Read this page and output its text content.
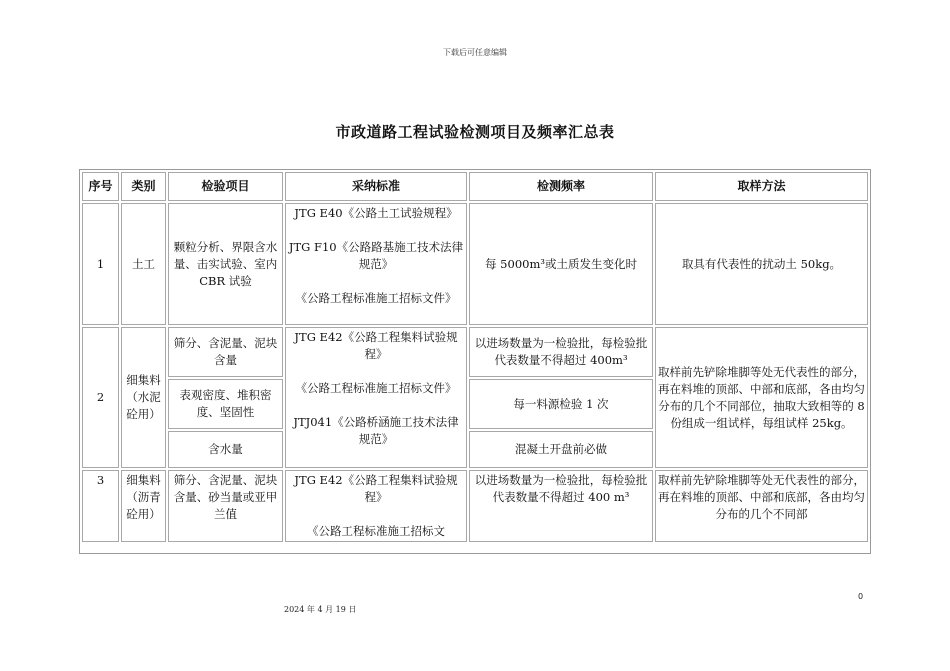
下载后可任意编辑
市政道路工程试验检测项目及频率汇总表
序号	类别	检验项目	采纳标准	检测频率	取样方法
1	土工	颗粒分析、界限含水量、击实试验、室内 CBR 试验	JTG E40《公路土工试验规程》

JTG F10《公路路基施工技术法律规范》

《公路工程标准施工招标文件》	每 5000m³或土质发生变化时	取具有代表性的扰动土 50kg。
2	细集料（水泥砼用）	筛分、含泥量、泥块含量	JTG E42《公路工程集料试验规程》

《公路工程标准施工招标文件》

JTJ041《公路桥涵施工技术法律规范》	以进场数量为一检验批，每检验批代表数量不得超过 400m³	取样前先铲除堆脚等处无代表性的部分，再在料堆的顶部、中部和底部，各由均匀分布的几个不同部位，抽取大致相等的 8 份组成一组试样，每组试样 25kg。
		表观密度、堆积密度、坚固性		每一料源检验 1 次	
		含水量		混凝土开盘前必做	
3	细集料（沥青砼用）	筛分、含泥量、泥块含量、砂当量或亚甲兰值	JTG E42《公路工程集料试验规程》

《公路工程标准施工招标文	以进场数量为一检验批，每检验批代表数量不得超过 400 m³	取样前先铲除堆脚等处无代表性的部分，再在料堆的顶部、中部和底部，各由均匀分布的几个不同部
0
2024 年 4 月 19 日
